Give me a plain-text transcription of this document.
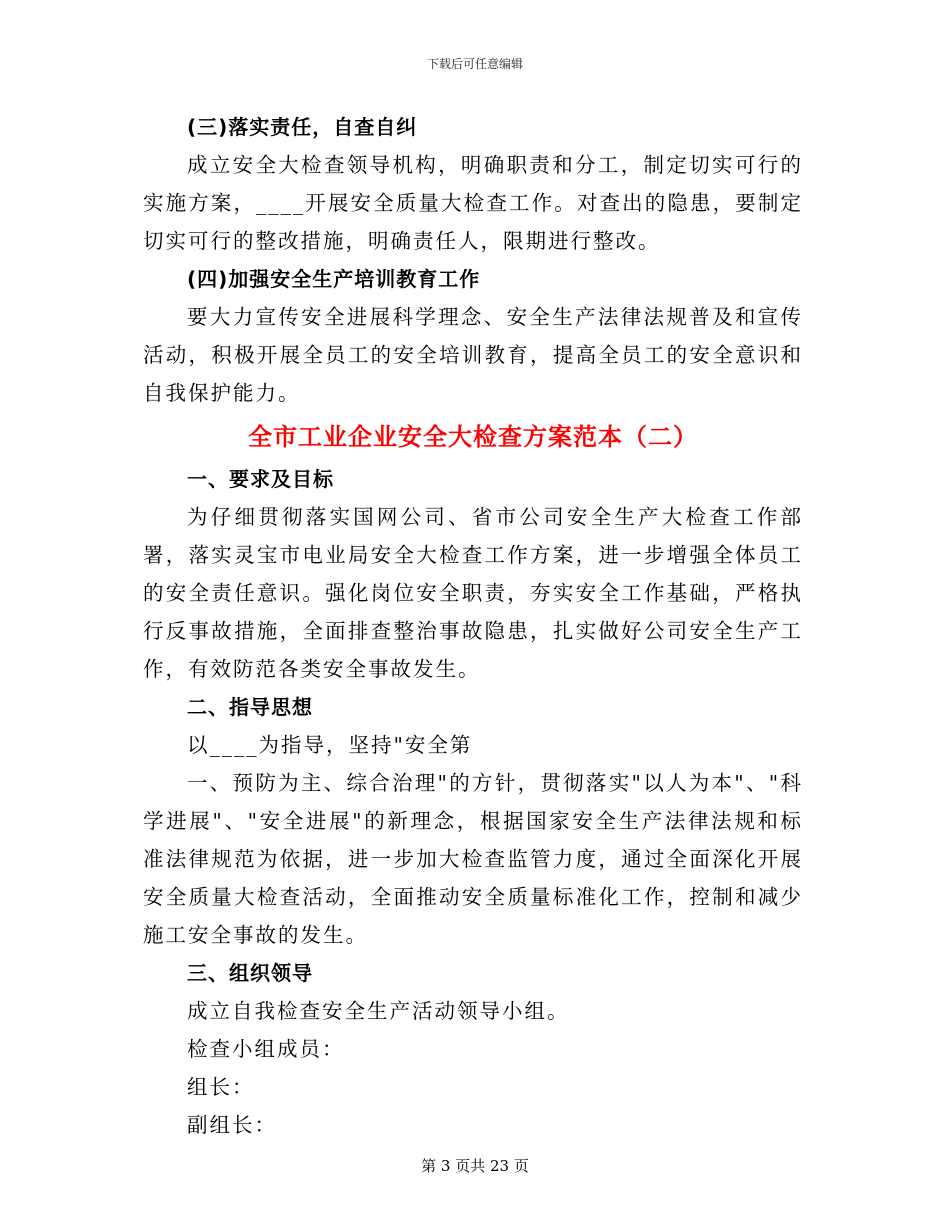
下载后可任意编辑

(三)落实责任，自查自纠

成立安全大检查领导机构，明确职责和分工，制定切实可行的实施方案，____开展安全质量大检查工作。对查出的隐患，要制定切实可行的整改措施，明确责任人，限期进行整改。

(四)加强安全生产培训教育工作

要大力宣传安全进展科学理念、安全生产法律法规普及和宣传活动，积极开展全员工的安全培训教育，提高全员工的安全意识和自我保护能力。

全市工业企业安全大检查方案范本（二）

一、要求及目标

为仔细贯彻落实国网公司、省市公司安全生产大检查工作部署，落实灵宝市电业局安全大检查工作方案，进一步增强全体员工的安全责任意识。强化岗位安全职责，夯实安全工作基础，严格执行反事故措施，全面排查整治事故隐患，扎实做好公司安全生产工作，有效防范各类安全事故发生。

二、指导思想

以____为指导，坚持"安全第

一、预防为主、综合治理"的方针，贯彻落实"以人为本"、"科学进展"、"安全进展"的新理念，根据国家安全生产法律法规和标准法律规范为依据，进一步加大检查监管力度，通过全面深化开展安全质量大检查活动，全面推动安全质量标准化工作，控制和减少施工安全事故的发生。

三、组织领导

成立自我检查安全生产活动领导小组。

检查小组成员：

组长：

副组长：

第 3 页共 23 页
